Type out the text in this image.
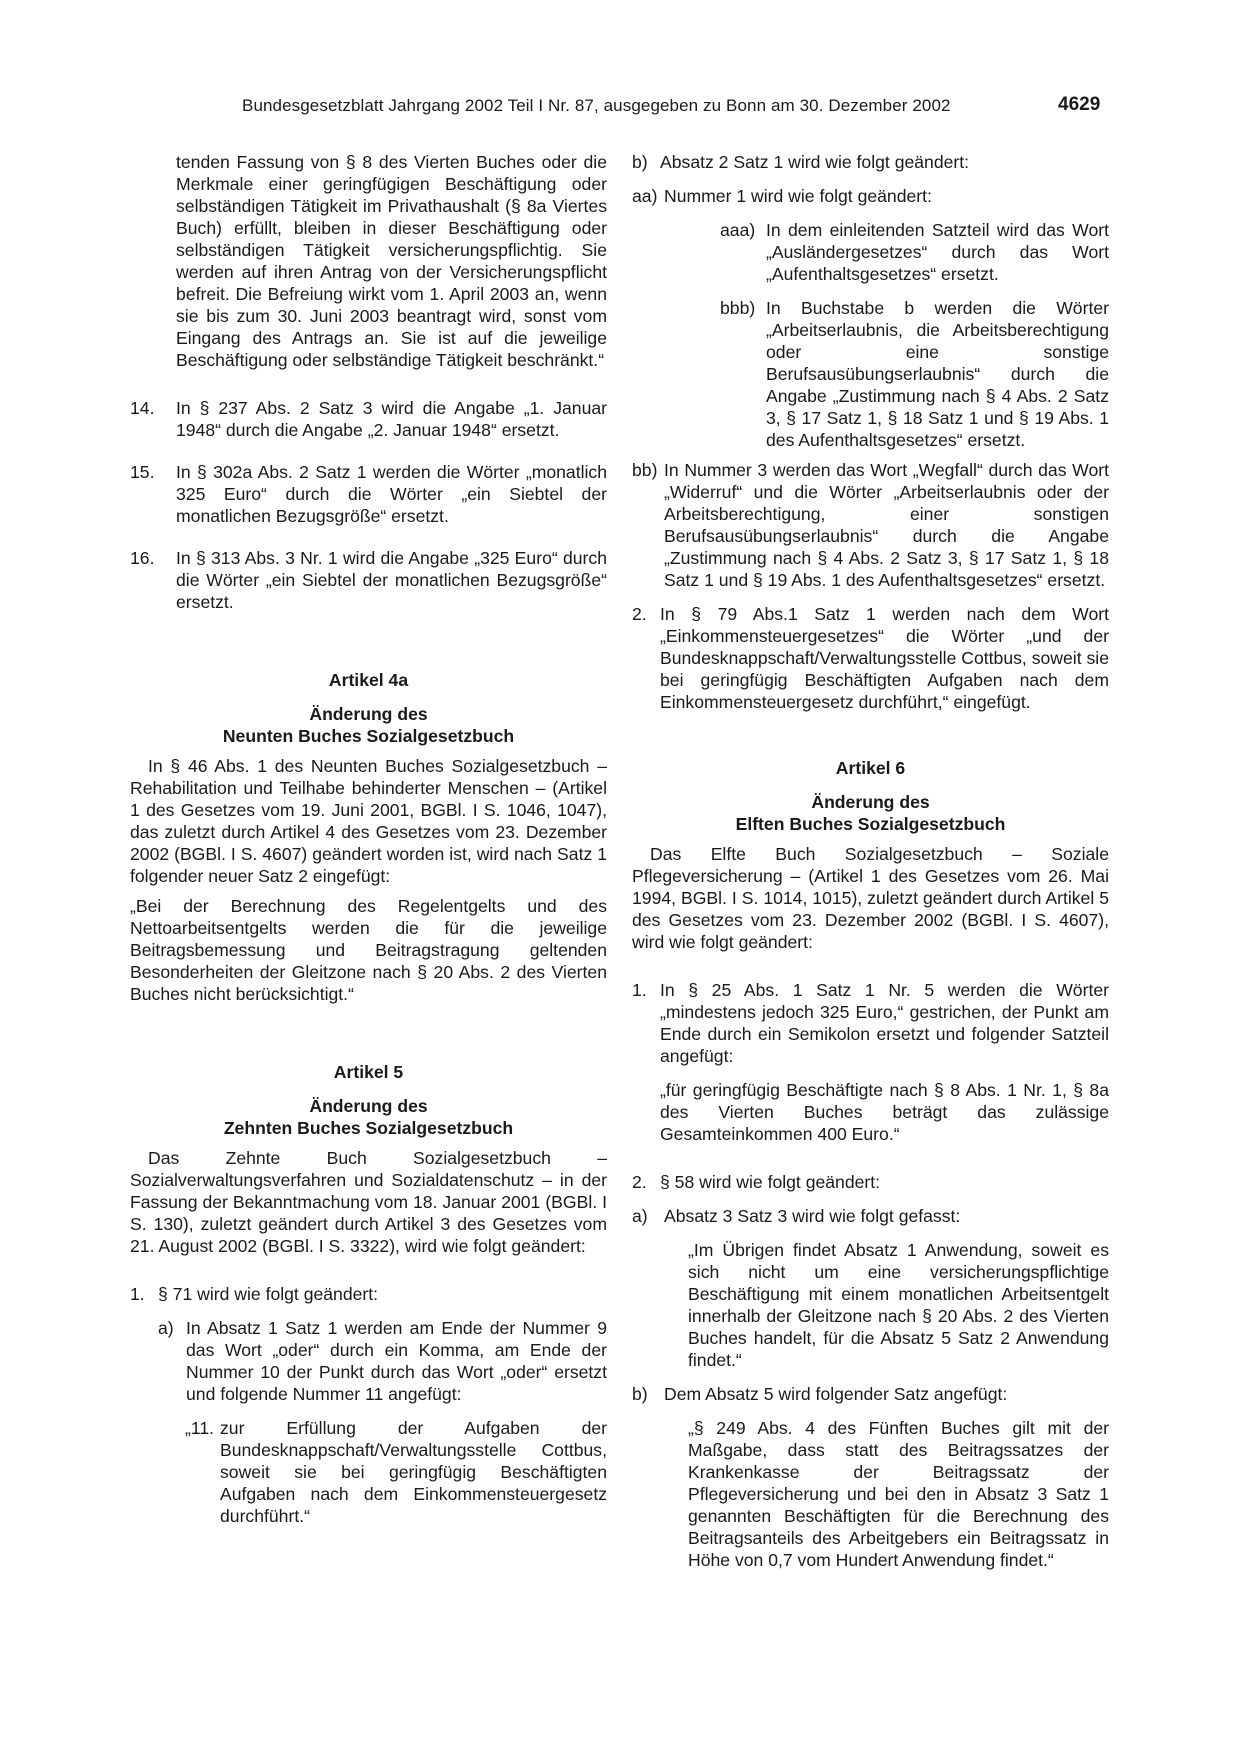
Bundesgesetzblatt Jahrgang 2002 Teil I Nr. 87, ausgegeben zu Bonn am 30. Dezember 2002	4629

tenden Fassung von § 8 des Vierten Buches oder die Merkmale einer geringfügigen Beschäftigung oder selbständigen Tätigkeit im Privathaushalt (§ 8a Viertes Buch) erfüllt, bleiben in dieser Beschäftigung oder selbständigen Tätigkeit versicherungspflichtig. Sie werden auf ihren Antrag von der Versicherungspflicht befreit. Die Befreiung wirkt vom 1. April 2003 an, wenn sie bis zum 30. Juni 2003 beantragt wird, sonst vom Eingang des Antrags an. Sie ist auf die jeweilige Beschäftigung oder selbständige Tätigkeit beschränkt.“

14. In § 237 Abs. 2 Satz 3 wird die Angabe „1. Januar 1948“ durch die Angabe „2. Januar 1948“ ersetzt.
15. In § 302a Abs. 2 Satz 1 werden die Wörter „monatlich 325 Euro“ durch die Wörter „ein Siebtel der monatlichen Bezugsgröße“ ersetzt.
16. In § 313 Abs. 3 Nr. 1 wird die Angabe „325 Euro“ durch die Wörter „ein Siebtel der monatlichen Bezugsgröße“ ersetzt.
Artikel 4a
Änderung des
Neunten Buches Sozialgesetzbuch

In § 46 Abs. 1 des Neunten Buches Sozialgesetzbuch – Rehabilitation und Teilhabe behinderter Menschen – (Artikel 1 des Gesetzes vom 19. Juni 2001, BGBl. I S. 1046, 1047), das zuletzt durch Artikel 4 des Gesetzes vom 23. Dezember 2002 (BGBl. I S. 4607) geändert worden ist, wird nach Satz 1 folgender neuer Satz 2 eingefügt:

„Bei der Berechnung des Regelentgelts und des Nettoarbeitsentgelts werden die für die jeweilige Beitragsbemessung und Beitragstragung geltenden Besonderheiten der Gleitzone nach § 20 Abs. 2 des Vierten Buches nicht berücksichtigt.“

Artikel 5
Änderung des
Zehnten Buches Sozialgesetzbuch

Das Zehnte Buch Sozialgesetzbuch – Sozialverwaltungsverfahren und Sozialdatenschutz – in der Fassung der Bekanntmachung vom 18. Januar 2001 (BGBl. I S. 130), zuletzt geändert durch Artikel 3 des Gesetzes vom 21. August 2002 (BGBl. I S. 3322), wird wie folgt geändert:

1. § 71 wird wie folgt geändert:
a) In Absatz 1 Satz 1 werden am Ende der Nummer 9 das Wort „oder“ durch ein Komma, am Ende der Nummer 10 der Punkt durch das Wort „oder“ ersetzt und folgende Nummer 11 angefügt:
„11. zur Erfüllung der Aufgaben der Bundesknappschaft/Verwaltungsstelle Cottbus, soweit sie bei geringfügig Beschäftigten Aufgaben nach dem Einkommensteuergesetz durchführt.“
b) Absatz 2 Satz 1 wird wie folgt geändert:
aa) Nummer 1 wird wie folgt geändert:
aaa) In dem einleitenden Satzteil wird das Wort „Ausländergesetzes“ durch das Wort „Aufenthaltsgesetzes“ ersetzt.
bbb) In Buchstabe b werden die Wörter „Arbeitserlaubnis, die Arbeitsberechtigung oder eine sonstige Berufsausübungserlaubnis“ durch die Angabe „Zustimmung nach § 4 Abs. 2 Satz 3, § 17 Satz 1, § 18 Satz 1 und § 19 Abs. 1 des Aufenthaltsgesetzes“ ersetzt.
bb) In Nummer 3 werden das Wort „Wegfall“ durch das Wort „Widerruf“ und die Wörter „Arbeitserlaubnis oder der Arbeitsberechtigung, einer sonstigen Berufsausübungserlaubnis“ durch die Angabe „Zustimmung nach § 4 Abs. 2 Satz 3, § 17 Satz 1, § 18 Satz 1 und § 19 Abs. 1 des Aufenthaltsgesetzes“ ersetzt.
2. In § 79 Abs.1 Satz 1 werden nach dem Wort „Einkommensteuergesetzes“ die Wörter „und der Bundesknappschaft/Verwaltungsstelle Cottbus, soweit sie bei geringfügig Beschäftigten Aufgaben nach dem Einkommensteuergesetz durchführt,“ eingefügt.
Artikel 6
Änderung des
Elften Buches Sozialgesetzbuch

Das Elfte Buch Sozialgesetzbuch – Soziale Pflegeversicherung – (Artikel 1 des Gesetzes vom 26. Mai 1994, BGBl. I S. 1014, 1015), zuletzt geändert durch Artikel 5 des Gesetzes vom 23. Dezember 2002 (BGBl. I S. 4607), wird wie folgt geändert:

1. In § 25 Abs. 1 Satz 1 Nr. 5 werden die Wörter „mindestens jedoch 325 Euro,“ gestrichen, der Punkt am Ende durch ein Semikolon ersetzt und folgender Satzteil angefügt:

„für geringfügig Beschäftigte nach § 8 Abs. 1 Nr. 1, § 8a des Vierten Buches beträgt das zulässige Gesamteinkommen 400 Euro.“

2. § 58 wird wie folgt geändert:
a) Absatz 3 Satz 3 wird wie folgt gefasst:

„Im Übrigen findet Absatz 1 Anwendung, soweit es sich nicht um eine versicherungspflichtige Beschäftigung mit einem monatlichen Arbeitsentgelt innerhalb der Gleitzone nach § 20 Abs. 2 des Vierten Buches handelt, für die Absatz 5 Satz 2 Anwendung findet.“

b) Dem Absatz 5 wird folgender Satz angefügt:

„§ 249 Abs. 4 des Fünften Buches gilt mit der Maßgabe, dass statt des Beitragssatzes der Krankenkasse der Beitragssatz der Pflegeversicherung und bei den in Absatz 3 Satz 1 genannten Beschäftigten für die Berechnung des Beitragsanteils des Arbeitgebers ein Beitragssatz in Höhe von 0,7 vom Hundert Anwendung findet.“
